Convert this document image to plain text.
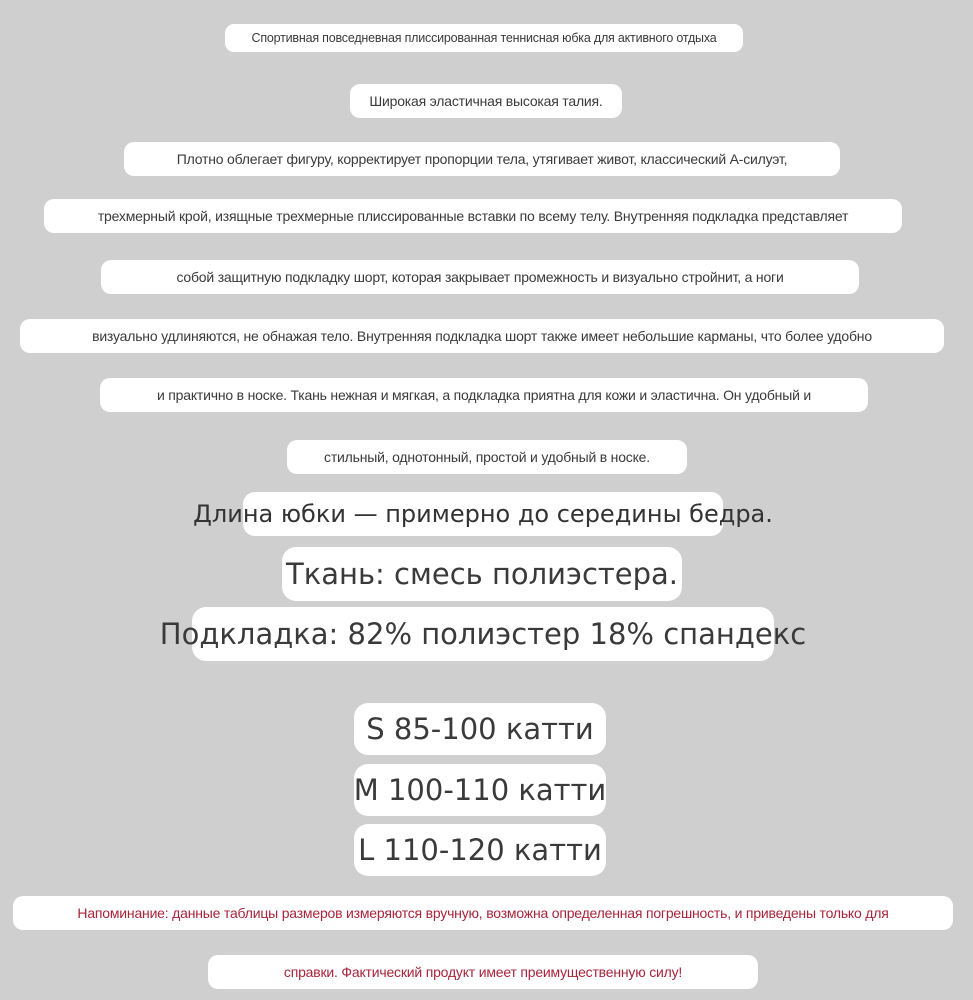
Спортивная повседневная плиссированная теннисная юбка для активного отдыха
Широкая эластичная высокая талия.
Плотно облегает фигуру, корректирует пропорции тела, утягивает живот, классический А-силуэт,
трехмерный крой, изящные трехмерные плиссированные вставки по всему телу. Внутренняя подкладка представляет
собой защитную подкладку шорт, которая закрывает промежность и визуально стройнит, а ноги
визуально удлиняются, не обнажая тело. Внутренняя подкладка шорт также имеет небольшие карманы, что более удобно
и практично в носке. Ткань нежная и мягкая, а подкладка приятна для кожи и эластична. Он удобный и
стильный, однотонный, простой и удобный в носке.
Длина юбки — примерно до середины бедра.
Ткань: смесь полиэстера.
Подкладка: 82% полиэстер 18% спандекс
S 85-100 катти
M 100-110 катти
L 110-120 катти
Напоминание: данные таблицы размеров измеряются вручную, возможна определенная погрешность, и приведены только для
справки. Фактический продукт имеет преимущественную силу!
